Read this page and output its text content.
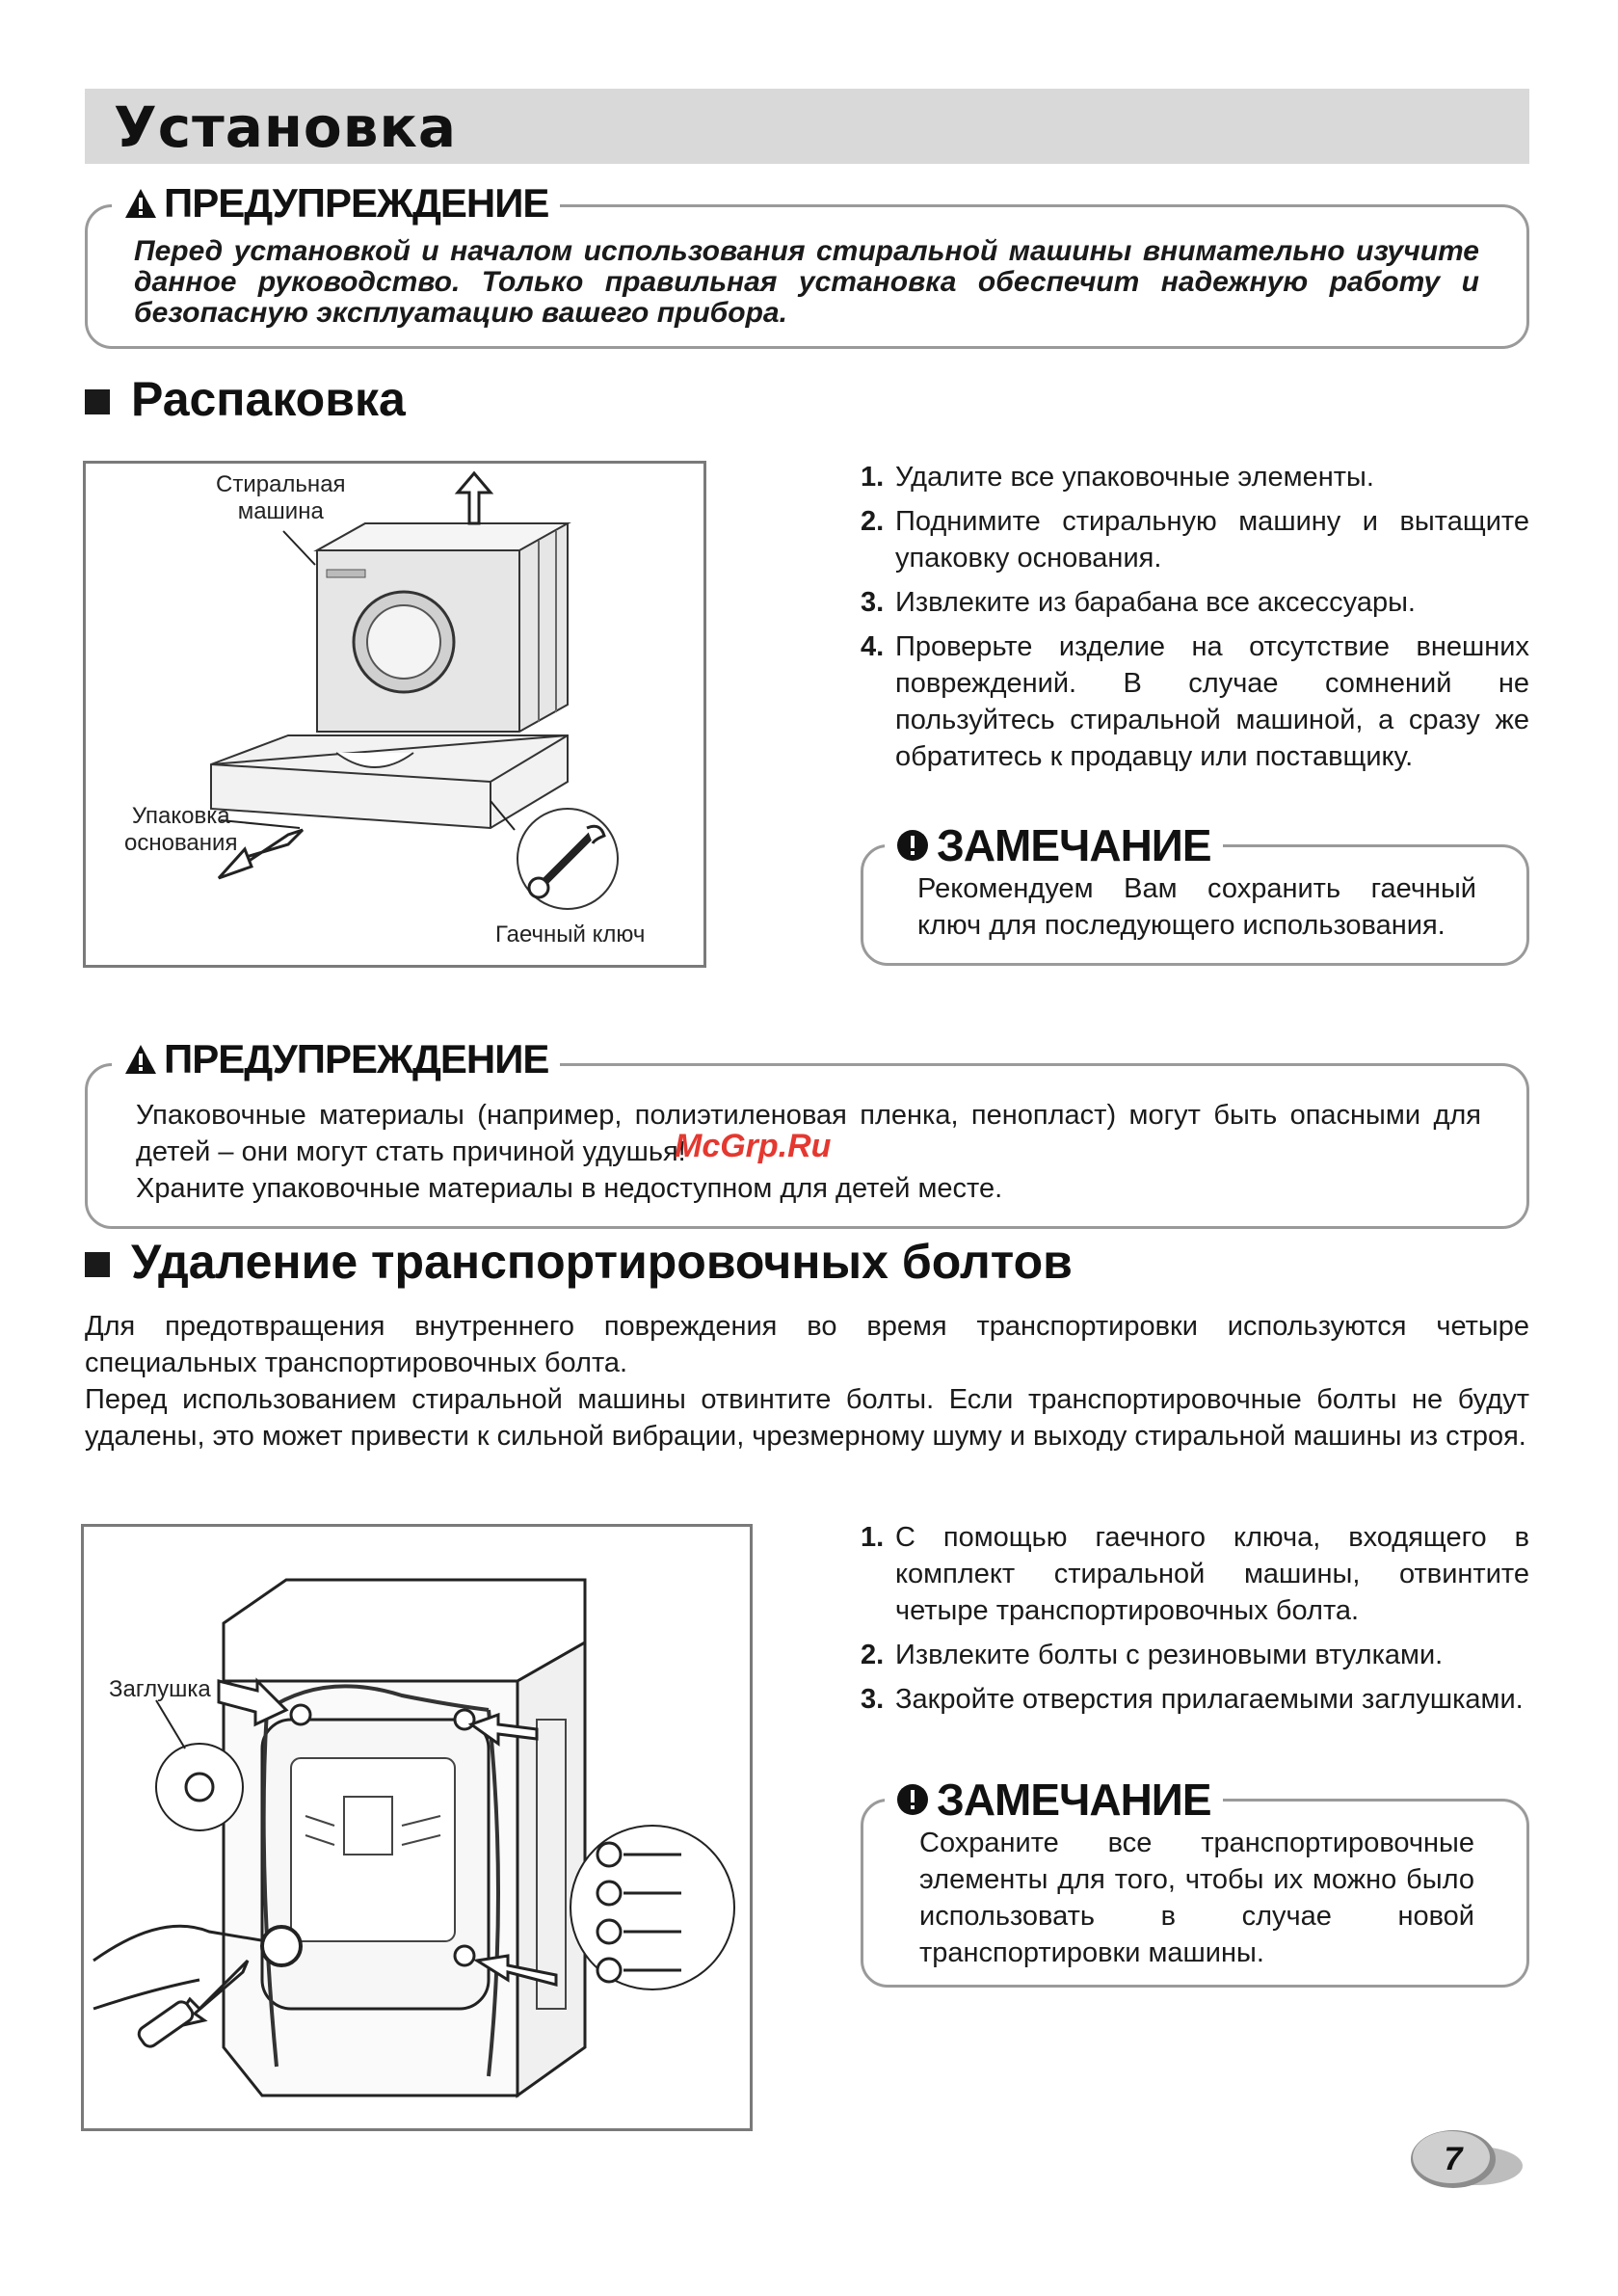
Установка
Перед установкой и началом использования стиральной машины внимательно изучите данное руководство. Только правильная установка обеспечит надежную работу и безопасную эксплуатацию вашего прибора.
ПРЕДУПРЕЖДЕНИЕ
Распаковка
Стиральная
машина
Упаковка
основания
Гаечный ключ
1. Удалите все упаковочные элементы.
2. Поднимите стиральную машину и вытащите упаковку основания.
3. Извлеките из барабана все аксессуары.
4. Проверьте изделие на отсутствие внешних повреждений. В случае сомнений не пользуйтесь стиральной машиной, а сразу же обратитесь к продавцу или поставщику.
Рекомендуем Вам сохранить гаечный ключ для последующего использования.
ЗАМЕЧАНИЕ
Упаковочные материалы (например, полиэтиленовая пленка, пенопласт) могут быть опасными для детей – они могут стать причиной удушья!
Храните упаковочные материалы в недоступном для детей месте.
ПРЕДУПРЕЖДЕНИЕ
McGrp.Ru
Удаление транспортировочных болтов
Для предотвращения внутреннего повреждения во время транспортировки используются четыре специальных транспортировочных болта.
Перед использованием стиральной машины отвинтите болты. Если транспортировочные болты не будут удалены, это может привести к сильной вибрации, чрезмерному шуму и выходу стиральной машины из строя.
Заглушка
1. С помощью гаечного ключа, входящего в комплект стиральной машины, отвинтите четыре транспортировочных болта.
2. Извлеките болты с резиновыми втулками.
3. Закройте отверстия прилагаемыми заглушками.
Сохраните все транспортировочные элементы для того, чтобы их можно было использовать в случае новой транспортировки машины.
ЗАМЕЧАНИЕ
7
